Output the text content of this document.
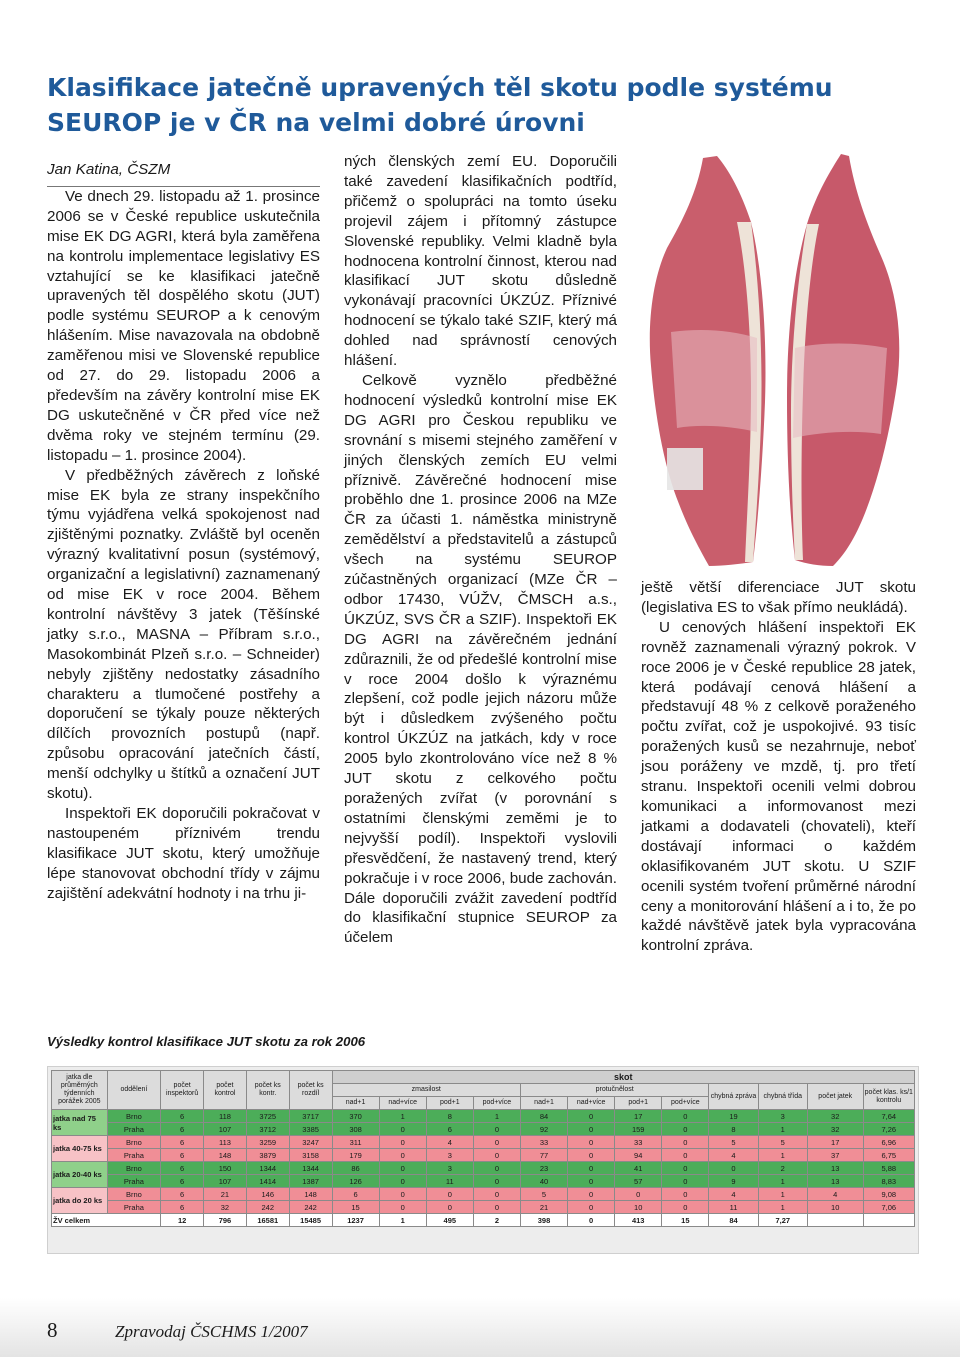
Klasifikace jatečně upravených těl skotu podle systému SEUROP je v ČR na velmi dobré úrovni

Jan Katina, ČSZM

Ve dnech 29. listopadu až 1. prosince 2006 se v České republice uskutečnila mise EK DG AGRI, která byla zaměřena na kontrolu implementace legislativy ES vztahující se ke klasifikaci jatečně upravených těl dospělého skotu (JUT) podle systému SEUROP a k cenovým hlášením. Mise navazovala na obdobně zaměřenou misi ve Slovenské republice od 27. do 29. listopadu 2006 a především na závěry kontrolní mise EK DG uskutečněné v ČR před více než dvěma roky ve stejném termínu (29. listopadu – 1. prosince 2004).

V předběžných závěrech z loňské mise EK byla ze strany inspekčního týmu vyjádřena velká spokojenost nad zjištěnými poznatky. Zvláště byl oceněn výrazný kvalitativní posun (systémový, organizační a legislativní) zaznamenaný od mise EK v roce 2004. Během kontrolní návštěvy 3 jatek (Těšínské jatky s.r.o., MASNA – Příbram s.r.o., Masokombinát Plzeň s.r.o. – Schneider) nebyly zjištěny nedostatky zásadního charakteru a tlumočené postřehy a doporučení se týkaly pouze některých dílčích provozních postupů (např. způsobu opracování jatečních částí, menší odchylky u štítků a označení JUT skotu).

Inspektoři EK doporučili pokračovat v nastoupeném příznivém trendu klasifikace JUT skotu, který umožňuje lépe stanovovat obchodní třídy v zájmu zajištění adekvátní hodnoty i na trhu ji-

ných členských zemí EU. Doporučili také zavedení klasifikačních podtříd, přičemž o spolupráci na tomto úseku projevil zájem i přítomný zástupce Slovenské republiky. Velmi kladně byla hodnocena kontrolní činnost, kterou nad klasifikací JUT skotu důsledně vykonávají pracovníci ÚKZÚZ. Příznivé hodnocení se týkalo také SZIF, který má dohled nad správností cenových hlášení.

Celkově vyznělo předběžné hodnocení výsledků kontrolní mise EK DG AGRI pro Českou republiku ve srovnání s misemi stejného zaměření v jiných členských zemích EU velmi příznivě. Závěrečné hodnocení mise proběhlo dne 1. prosince 2006 na MZe ČR za účasti 1. náměstka ministryně zemědělství a představitelů a zástupců všech na systému SEUROP zúčastněných organizací (MZe ČR – odbor 17430, VÚŽV, ČMSCH a.s., ÚKZÚZ, SVS ČR a SZIF). Inspektoři EK DG AGRI na závěrečném jednání zdůraznili, že od předešlé kontrolní mise v roce 2004 došlo k výraznému zlepšení, což podle jejich názoru může být i důsledkem zvýšeného počtu kontrol ÚKZÚZ na jatkách, kdy v roce 2005 bylo zkontrolováno více než 8 % JUT skotu z celkového počtu poražených zvířat (v porovnání s ostatními členskými zeměmi je to nejvyšší podíl). Inspektoři vyslovili přesvědčení, že nastavený trend, který pokračuje i v roce 2006, bude zachován. Dále doporučili zvážit zavedení podtříd do klasifikační stupnice SEUROP za účelem

ještě větší diferenciace JUT skotu (legislativa ES to však přímo neukládá).

U cenových hlášení inspektoři EK rovněž zaznamenali výrazný pokrok. V roce 2006 je v České republice 28 jatek, která podávají cenová hlášení a představují 48 % z celkově poraženého počtu zvířat, což je uspokojivé. 93 tisíc poražených kusů se nezahrnuje, neboť jsou poráženy ve mzdě, tj. pro třetí stranu. Inspektoři ocenili velmi dobrou komunikaci a informovanost mezi jatkami a dodavateli (chovateli), kteří dostávají informaci o každém oklasifikovaném JUT skotu. U SZIF ocenili systém tvoření průměrné národní ceny a monitorování hlášení a i to, že po každé návštěvě jatek byla vypracována kontrolní zpráva.

Výsledky kontrol klasifikace JUT skotu za rok 2006

jatka dle průměrných týdenních porážek 2005	oddělení	počet inspektorů	počet kontrol	počet ks kontr.	počet ks rozdíl	skot											
						zmasilost				protučnělost				chybná zpráva	chybná třída	počet jatek	počet klas. ks/1 kontrolu
						nad+1	nad+více	pod+1	pod+více	nad+1	nad+více	pod+1	pod+více				
jatka nad 75 ks	Brno	6	118	3725	3717	370	1	8	1	84	0	17	0	19	3	32	7,64
	Praha	6	107	3712	3385	308	0	6	0	92	0	159	0	8	1	32	7,26
jatka 40-75 ks	Brno	6	113	3259	3247	311	0	4	0	33	0	33	0	5	5	17	6,96
	Praha	6	148	3879	3158	179	0	3	0	77	0	94	0	4	1	37	6,75
jatka 20-40 ks	Brno	6	150	1344	1344	86	0	3	0	23	0	41	0	0	2	13	5,88
	Praha	6	107	1414	1387	126	0	11	0	40	0	57	0	9	1	13	8,83
jatka do 20 ks	Brno	6	21	146	148	6	0	0	0	5	0	0	0	4	1	4	9,08
	Praha	6	32	242	242	15	0	0	0	21	0	10	0	11	1	10	7,06
ŽV celkem		12	796	16581	15485	1237	1	495	2	398	0	413	15	84	7,27		
8	Zpravodaj ČSCHMS 1/2007
